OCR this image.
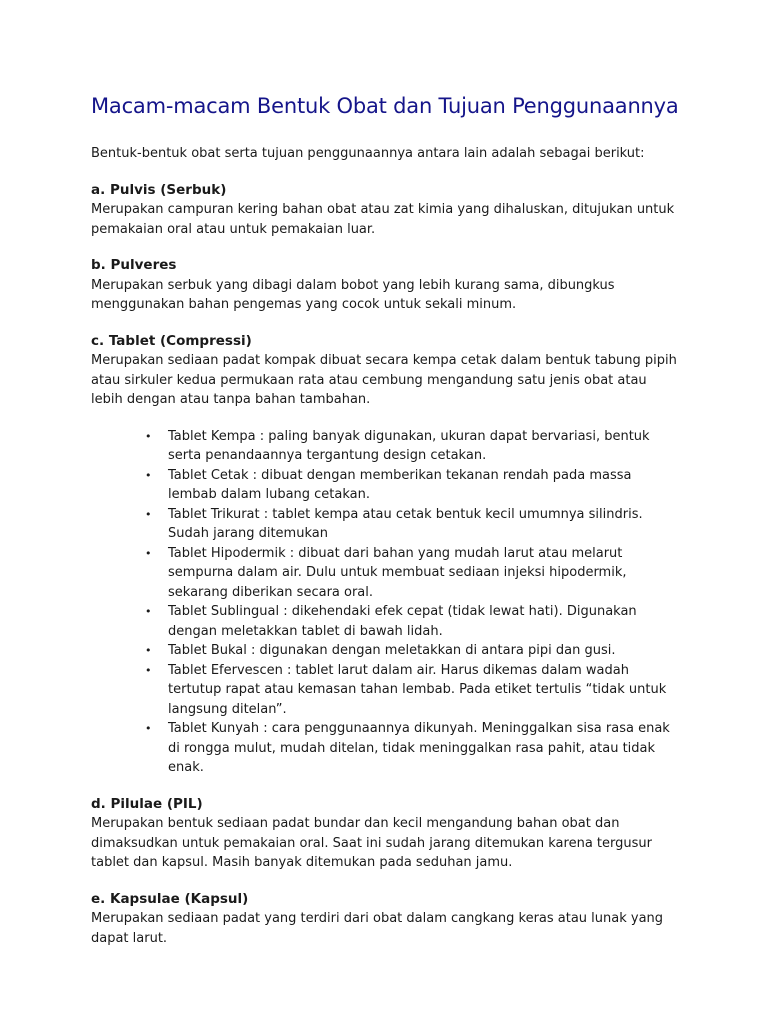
Macam-macam Bentuk Obat dan Tujuan Penggunaannya

Bentuk-bentuk obat serta tujuan penggunaannya antara lain adalah sebagai berikut:

a. Pulvis (Serbuk)

Merupakan campuran kering bahan obat atau zat kimia yang dihaluskan, ditujukan untuk pemakaian oral atau untuk pemakaian luar.

b. Pulveres

Merupakan serbuk yang dibagi dalam bobot yang lebih kurang sama, dibungkus menggunakan bahan pengemas yang cocok untuk sekali minum.

c. Tablet (Compressi)

Merupakan sediaan padat kompak dibuat secara kempa cetak dalam bentuk tabung pipih atau sirkuler kedua permukaan rata atau cembung mengandung satu jenis obat atau lebih dengan atau tanpa bahan tambahan.

• Tablet Kempa : paling banyak digunakan, ukuran dapat bervariasi, bentuk serta penandaannya tergantung design cetakan.
• Tablet Cetak : dibuat dengan memberikan tekanan rendah pada massa lembab dalam lubang cetakan.
• Tablet Trikurat : tablet kempa atau cetak bentuk kecil umumnya silindris. Sudah jarang ditemukan
• Tablet Hipodermik : dibuat dari bahan yang mudah larut atau melarut sempurna dalam air. Dulu untuk membuat sediaan injeksi hipodermik, sekarang diberikan secara oral.
• Tablet Sublingual : dikehendaki efek cepat (tidak lewat hati). Digunakan dengan meletakkan tablet di bawah lidah.
• Tablet Bukal : digunakan dengan meletakkan di antara pipi dan gusi.
• Tablet Efervescen : tablet larut dalam air. Harus dikemas dalam wadah tertutup rapat atau kemasan tahan lembab. Pada etiket tertulis “tidak untuk langsung ditelan”.
• Tablet Kunyah : cara penggunaannya dikunyah. Meninggalkan sisa rasa enak di rongga mulut, mudah ditelan, tidak meninggalkan rasa pahit, atau tidak enak.

d. Pilulae (PIL)

Merupakan bentuk sediaan padat bundar dan kecil mengandung bahan obat dan dimaksudkan untuk pemakaian oral. Saat ini sudah jarang ditemukan karena tergusur tablet dan kapsul. Masih banyak ditemukan pada seduhan jamu.

e. Kapsulae (Kapsul)

Merupakan sediaan padat yang terdiri dari obat dalam cangkang keras atau lunak yang dapat larut.
